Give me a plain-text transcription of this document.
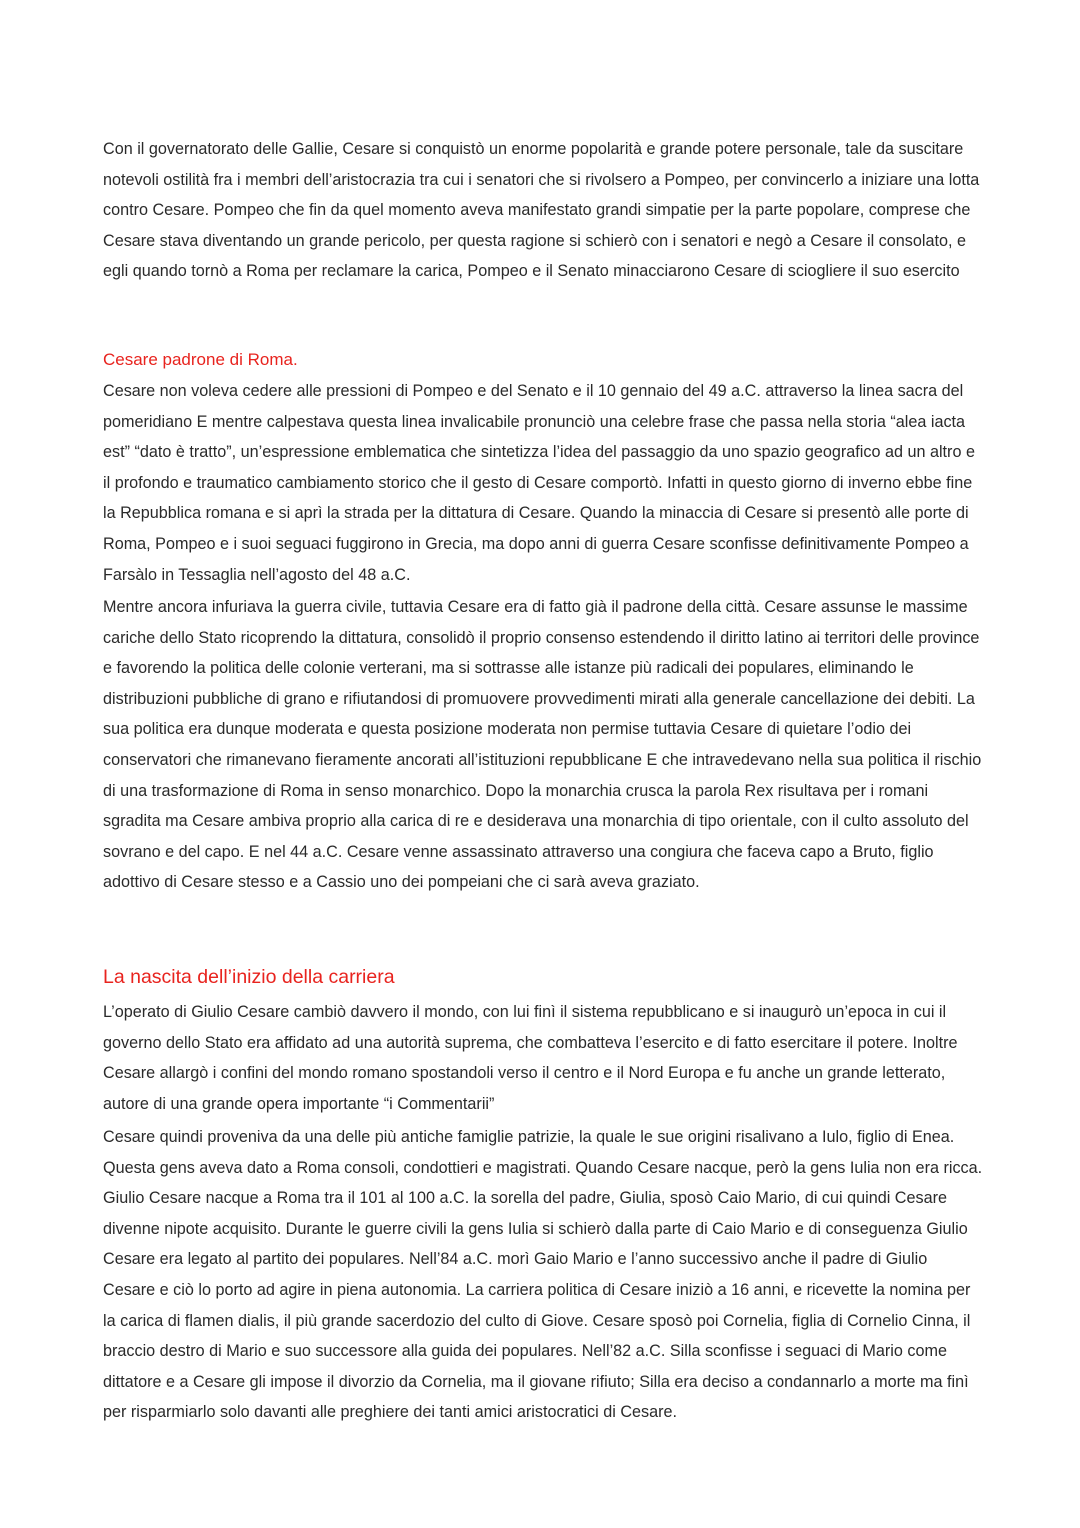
Con il governatorato delle Gallie, Cesare si conquistò un enorme popolarità e grande potere personale, tale da suscitare notevoli ostilità fra i membri dell’aristocrazia tra cui i senatori che si rivolsero a Pompeo, per convincerlo a iniziare una lotta contro Cesare. Pompeo che fin da quel momento aveva manifestato grandi simpatie per la parte popolare, comprese che Cesare stava diventando un grande pericolo, per questa ragione si schierò con i senatori e negò a Cesare il consolato, e egli quando tornò a Roma per reclamare la carica, Pompeo e il Senato minacciarono Cesare di sciogliere il suo esercito

Cesare padrone di Roma.

Cesare non voleva cedere alle pressioni di Pompeo e del Senato e il 10 gennaio del 49 a.C. attraverso la linea sacra del pomeridiano E mentre calpestava questa linea invalicabile pronunciò una celebre frase che passa nella storia “alea iacta est” “dato è tratto”, un’espressione emblematica che sintetizza l’idea del passaggio da uno spazio geografico ad un altro e il profondo e traumatico cambiamento storico che il gesto di Cesare comportò. Infatti in questo giorno di inverno ebbe fine la Repubblica romana e si aprì la strada per la dittatura di Cesare. Quando la minaccia di Cesare si presentò alle porte di Roma, Pompeo e i suoi seguaci fuggirono in Grecia, ma dopo anni di guerra Cesare sconfisse definitivamente Pompeo a Farsàlo in Tessaglia nell’agosto del 48 a.C.

Mentre ancora infuriava la guerra civile, tuttavia Cesare era di fatto già il padrone della città. Cesare assunse le massime cariche dello Stato ricoprendo la dittatura, consolidò il proprio consenso estendendo il diritto latino ai territori delle province e favorendo la politica delle colonie verterani, ma si sottrasse alle istanze più radicali dei populares, eliminando le distribuzioni pubbliche di grano e rifiutandosi di promuovere provvedimenti mirati alla generale cancellazione dei debiti. La sua politica era dunque moderata e questa posizione moderata non permise tuttavia Cesare di quietare l’odio dei conservatori che rimanevano fieramente ancorati all’istituzioni repubblicane E che intravedevano nella sua politica il rischio di una trasformazione di Roma in senso monarchico. Dopo la monarchia crusca la parola Rex risultava per i romani sgradita ma Cesare ambiva proprio alla carica di re e desiderava una monarchia di tipo orientale, con il culto assoluto del sovrano e del capo. E nel 44 a.C. Cesare venne assassinato attraverso una congiura che faceva capo a Bruto, figlio adottivo di Cesare stesso e a Cassio uno dei pompeiani che ci sarà aveva graziato.

La nascita dell’inizio della carriera

L’operato di Giulio Cesare cambiò davvero il mondo, con lui finì il sistema repubblicano e si inaugurò un’epoca in cui il governo dello Stato era affidato ad una autorità suprema, che combatteva l’esercito e di fatto esercitare il potere. Inoltre Cesare allargò i confini del mondo romano spostandoli verso il centro e il Nord Europa e fu anche un grande letterato, autore di una grande opera importante “i Commentarii”

Cesare quindi proveniva da una delle più antiche famiglie patrizie, la quale le sue origini risalivano a Iulo, figlio di Enea. Questa gens aveva dato a Roma consoli, condottieri e magistrati. Quando Cesare nacque, però la gens Iulia non era ricca. Giulio Cesare nacque a Roma tra il 101 al 100 a.C. la sorella del padre, Giulia, sposò Caio Mario, di cui quindi Cesare divenne nipote acquisito. Durante le guerre civili la gens Iulia si schierò dalla parte di Caio Mario e di conseguenza Giulio Cesare era legato al partito dei populares. Nell’84 a.C. morì Gaio Mario e l’anno successivo anche il padre di Giulio Cesare e ciò lo porto ad agire in piena autonomia. La carriera politica di Cesare iniziò a 16 anni, e ricevette la nomina per la carica di flamen dialis, il più grande sacerdozio del culto di Giove. Cesare sposò poi Cornelia, figlia di Cornelio Cinna, il braccio destro di Mario e suo successore alla guida dei populares. Nell’82 a.C. Silla sconfisse i seguaci di Mario come dittatore e a Cesare gli impose il divorzio da Cornelia, ma il giovane rifiuto; Silla era deciso a condannarlo a morte ma finì per risparmiarlo solo davanti alle preghiere dei tanti amici aristocratici di Cesare.
